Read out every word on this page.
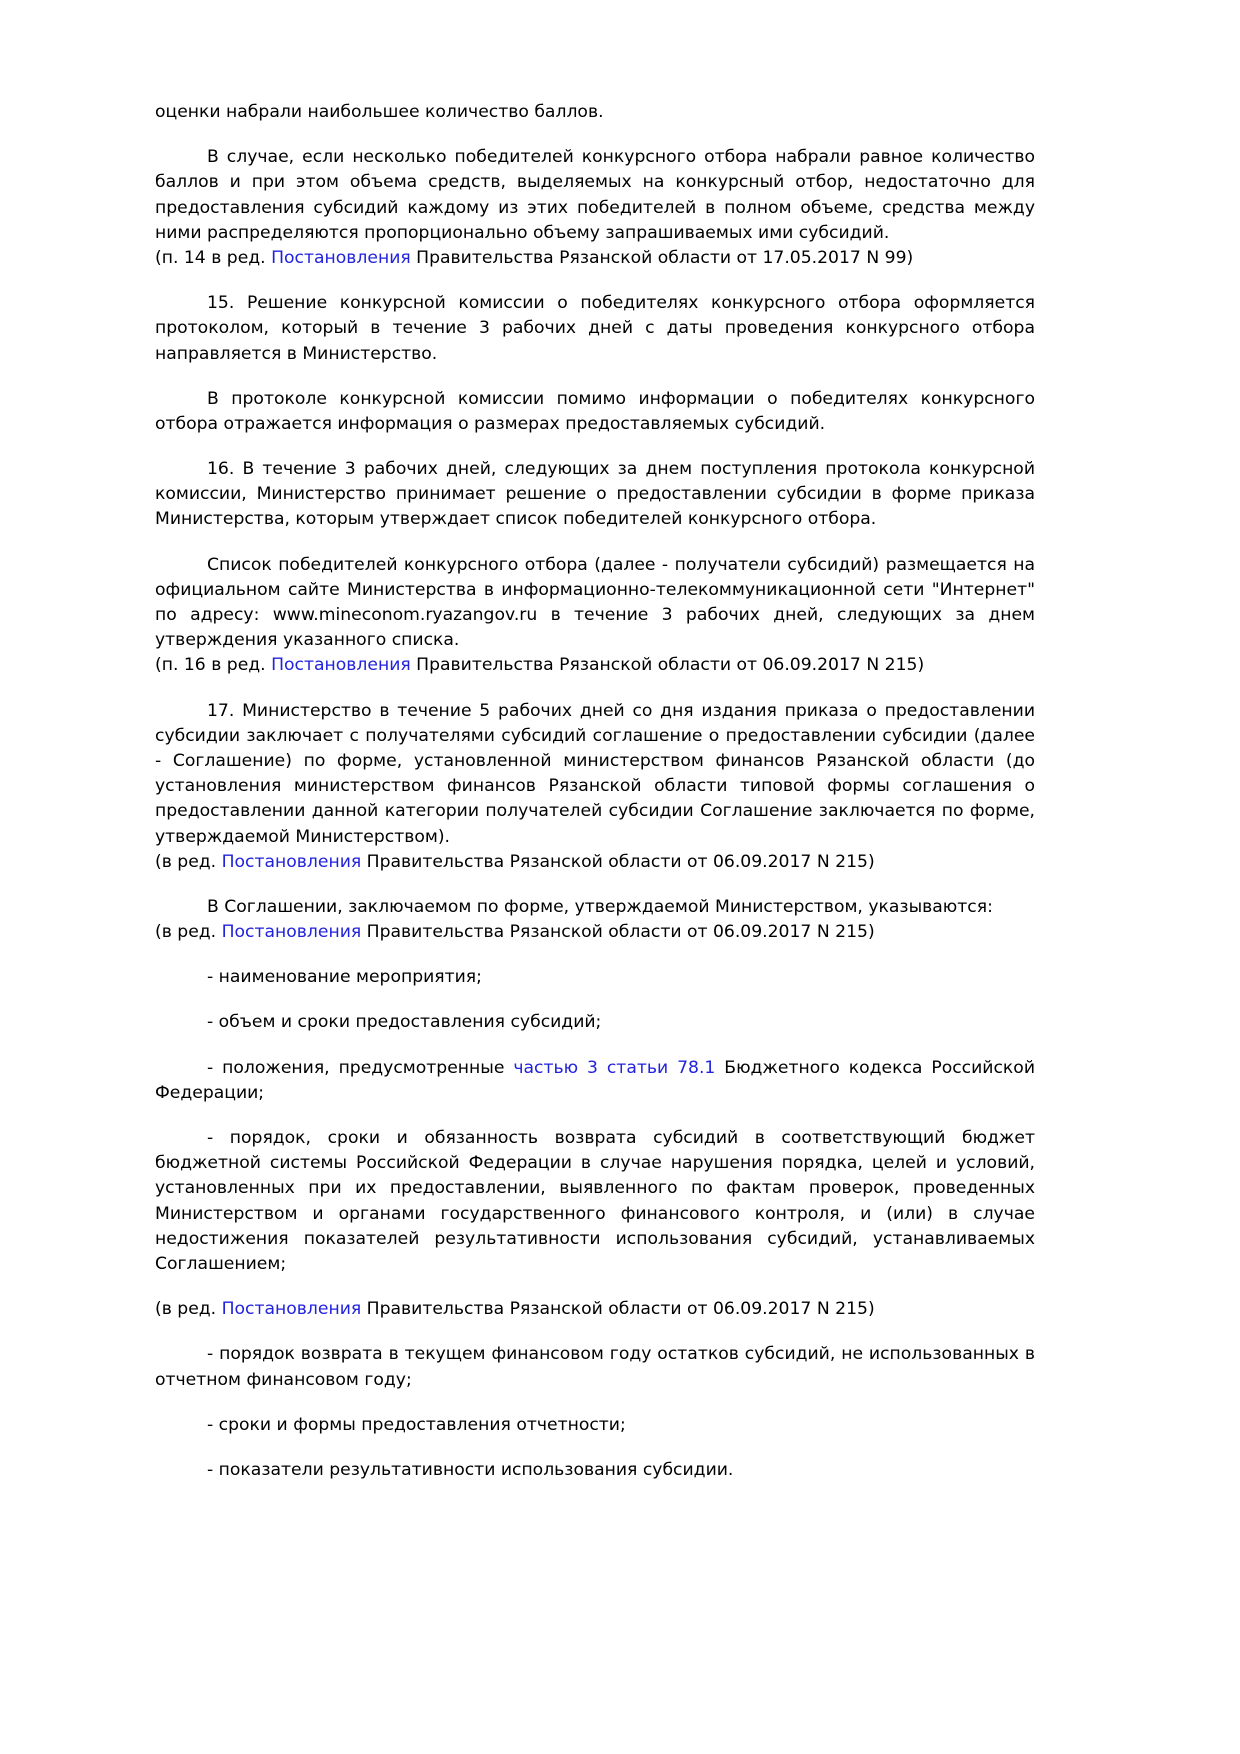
оценки набрали наибольшее количество баллов.

В случае, если несколько победителей конкурсного отбора набрали равное количество баллов и при этом объема средств, выделяемых на конкурсный отбор, недостаточно для предоставления субсидий каждому из этих победителей в полном объеме, средства между ними распределяются пропорционально объему запрашиваемых ими субсидий.

(п. 14 в ред. Постановления Правительства Рязанской области от 17.05.2017 N 99)

15. Решение конкурсной комиссии о победителях конкурсного отбора оформляется протоколом, который в течение 3 рабочих дней с даты проведения конкурсного отбора направляется в Министерство.

В протоколе конкурсной комиссии помимо информации о победителях конкурсного отбора отражается информация о размерах предоставляемых субсидий.

16. В течение 3 рабочих дней, следующих за днем поступления протокола конкурсной комиссии, Министерство принимает решение о предоставлении субсидии в форме приказа Министерства, которым утверждает список победителей конкурсного отбора.

Список победителей конкурсного отбора (далее - получатели субсидий) размещается на официальном сайте Министерства в информационно-телекоммуникационной сети "Интернет" по адресу: www.mineconom.ryazangov.ru в течение 3 рабочих дней, следующих за днем утверждения указанного списка.

(п. 16 в ред. Постановления Правительства Рязанской области от 06.09.2017 N 215)

17. Министерство в течение 5 рабочих дней со дня издания приказа о предоставлении субсидии заключает с получателями субсидий соглашение о предоставлении субсидии (далее - Соглашение) по форме, установленной министерством финансов Рязанской области (до установления министерством финансов Рязанской области типовой формы соглашения о предоставлении данной категории получателей субсидии Соглашение заключается по форме, утверждаемой Министерством).

(в ред. Постановления Правительства Рязанской области от 06.09.2017 N 215)

В Соглашении, заключаемом по форме, утверждаемой Министерством, указываются:

(в ред. Постановления Правительства Рязанской области от 06.09.2017 N 215)

- наименование мероприятия;

- объем и сроки предоставления субсидий;

- положения, предусмотренные частью 3 статьи 78.1 Бюджетного кодекса Российской Федерации;

- порядок, сроки и обязанность возврата субсидий в соответствующий бюджет бюджетной системы Российской Федерации в случае нарушения порядка, целей и условий, установленных при их предоставлении, выявленного по фактам проверок, проведенных Министерством и органами государственного финансового контроля, и (или) в случае недостижения показателей результативности использования субсидий, устанавливаемых Соглашением;

(в ред. Постановления Правительства Рязанской области от 06.09.2017 N 215)

- порядок возврата в текущем финансовом году остатков субсидий, не использованных в отчетном финансовом году;

- сроки и формы предоставления отчетности;

- показатели результативности использования субсидии.
